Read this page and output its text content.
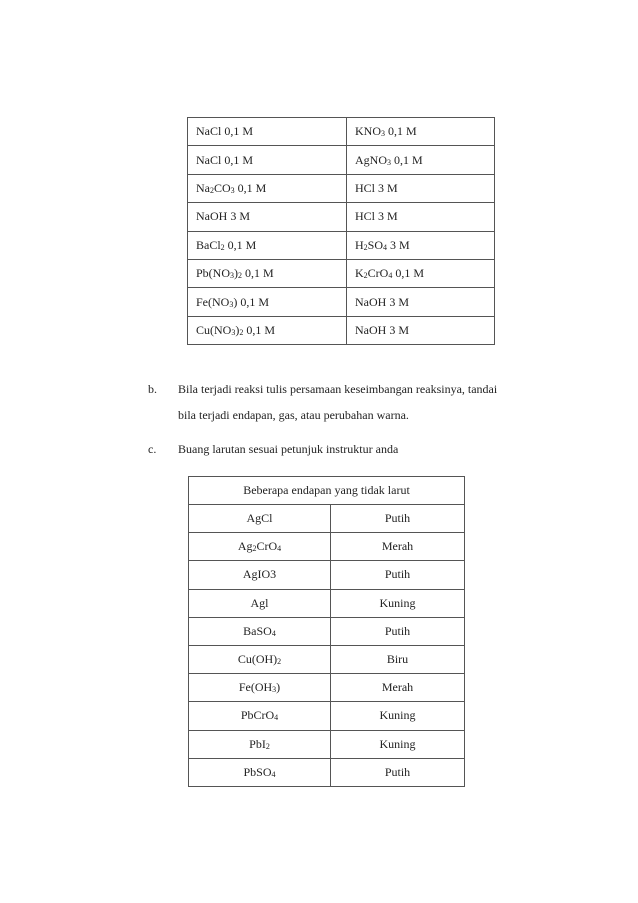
NaCl 0,1 M	$KNO_3$ 0,1 M
NaCl 0,1 M	AgNO$_3$ 0,1 M
$Na_2CO_3$ 0,1 M	HCl 3 M
NaOH 3 M	HCl 3 M
BaCl$_2$ 0,1 M	$H_2SO_4$ 3 M
$Pb(NO_3)_2$ 0,1 M	$K_2CrO_4$ 0,1 M
$Fe(NO_3)$ 0,1 M	NaOH 3 M
$Cu(NO_3)_2$ 0,1 M	NaOH 3 M
b. Bila terjadi reaksi tulis persamaan keseimbangan reaksinya, tandai
bila terjadi endapan, gas, atau perubahan warna.
c. Buang larutan sesuai petunjuk instruktur anda
Beberapa endapan yang tidak larut	
AgCl	Putih
$Ag_2CrO_4$	Merah
AgIO3	Putih
Agl	Kuning
BaSO$_4$	Putih
$Cu(OH)_2$	Biru
$Fe(OH_3)$	Merah
PbCrO$_4$	Kuning
PbI$_2$	Kuning
PbSO$_4$	Putih
